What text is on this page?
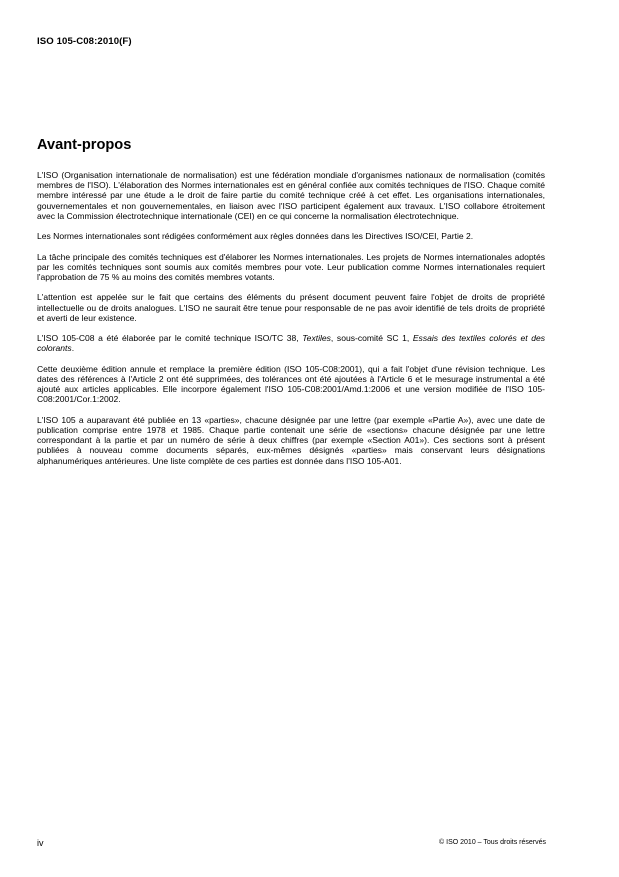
ISO 105-C08:2010(F)
Avant-propos

L'ISO (Organisation internationale de normalisation) est une fédération mondiale d'organismes nationaux de normalisation (comités membres de l'ISO). L'élaboration des Normes internationales est en général confiée aux comités techniques de l'ISO. Chaque comité membre intéressé par une étude a le droit de faire partie du comité technique créé à cet effet. Les organisations internationales, gouvernementales et non gouvernementales, en liaison avec l'ISO participent également aux travaux. L'ISO collabore étroitement avec la Commission électrotechnique internationale (CEI) en ce qui concerne la normalisation électrotechnique.

Les Normes internationales sont rédigées conformément aux règles données dans les Directives ISO/CEI, Partie 2.

La tâche principale des comités techniques est d'élaborer les Normes internationales. Les projets de Normes internationales adoptés par les comités techniques sont soumis aux comités membres pour vote. Leur publication comme Normes internationales requiert l'approbation de 75 % au moins des comités membres votants.

L'attention est appelée sur le fait que certains des éléments du présent document peuvent faire l'objet de droits de propriété intellectuelle ou de droits analogues. L'ISO ne saurait être tenue pour responsable de ne pas avoir identifié de tels droits de propriété et averti de leur existence.

L'ISO 105-C08 a été élaborée par le comité technique ISO/TC 38, Textiles, sous-comité SC 1, Essais des textiles colorés et des colorants.

Cette deuxième édition annule et remplace la première édition (ISO 105-C08:2001), qui a fait l'objet d'une révision technique. Les dates des références à l'Article 2 ont été supprimées, des tolérances ont été ajoutées à l'Article 6 et le mesurage instrumental a été ajouté aux articles applicables. Elle incorpore également l'ISO 105-C08:2001/Amd.1:2006 et une version modifiée de l'ISO 105-C08:2001/Cor.1:2002.

L'ISO 105 a auparavant été publiée en 13 «parties», chacune désignée par une lettre (par exemple «Partie A»), avec une date de publication comprise entre 1978 et 1985. Chaque partie contenait une série de «sections» chacune désignée par une lettre correspondant à la partie et par un numéro de série à deux chiffres (par exemple «Section A01»). Ces sections sont à présent publiées à nouveau comme documents séparés, eux-mêmes désignés «parties» mais conservant leurs désignations alphanumériques antérieures. Une liste complète de ces parties est donnée dans l'ISO 105-A01.

iv	© ISO 2010 – Tous droits réservés
